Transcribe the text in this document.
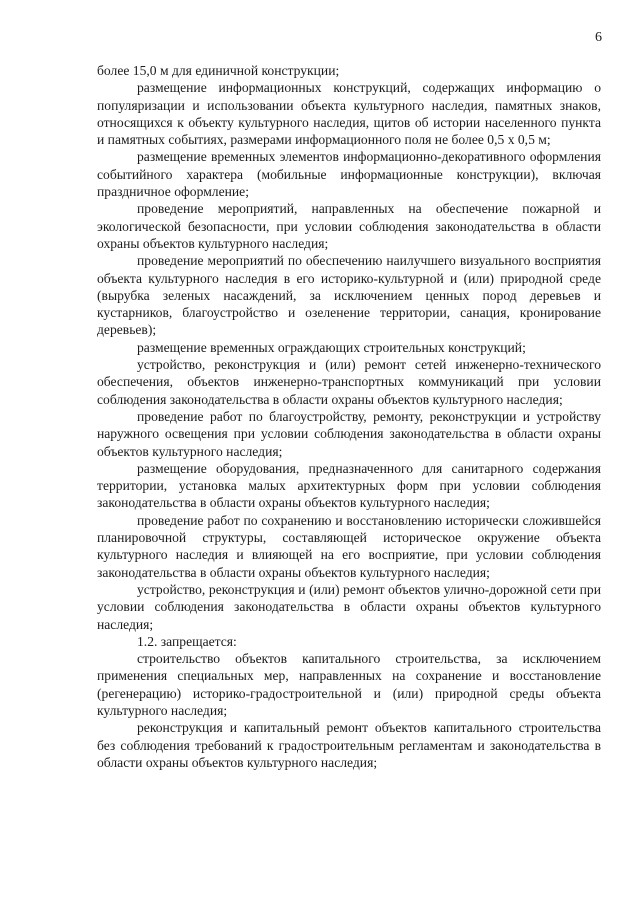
6

более 15,0 м для единичной конструкции;

размещение информационных конструкций, содержащих информацию о популяризации и использовании объекта культурного наследия, памятных знаков, относящихся к объекту культурного наследия, щитов об истории населенного пункта и памятных событиях, размерами информационного поля не более 0,5 х 0,5 м;

размещение временных элементов информационно-декоративного оформления событийного характера (мобильные информационные конструкции), включая праздничное оформление;

проведение мероприятий, направленных на обеспечение пожарной и экологической безопасности, при условии соблюдения законодательства в области охраны объектов культурного наследия;

проведение мероприятий по обеспечению наилучшего визуального восприятия объекта культурного наследия в его историко-культурной и (или) природной среде (вырубка зеленых насаждений, за исключением ценных пород деревьев и кустарников, благоустройство и озеленение территории, санация, кронирование деревьев);

размещение временных ограждающих строительных конструкций;

устройство, реконструкция и (или) ремонт сетей инженерно-технического обеспечения, объектов инженерно-транспортных коммуникаций при условии соблюдения законодательства в области охраны объектов культурного наследия;

проведение работ по благоустройству, ремонту, реконструкции и устройству наружного освещения при условии соблюдения законодательства в области охраны объектов культурного наследия;

размещение оборудования, предназначенного для санитарного содержания территории, установка малых архитектурных форм при условии соблюдения законодательства в области охраны объектов культурного наследия;

проведение работ по сохранению и восстановлению исторически сложившейся планировочной структуры, составляющей историческое окружение объекта культурного наследия и влияющей на его восприятие, при условии соблюдения законодательства в области охраны объектов культурного наследия;

устройство, реконструкция и (или) ремонт объектов улично-дорожной сети при условии соблюдения законодательства в области охраны объектов культурного наследия;

1.2. запрещается:

строительство объектов капитального строительства, за исключением применения специальных мер, направленных на сохранение и восстановление (регенерацию) историко-градостроительной и (или) природной среды объекта культурного наследия;

реконструкция и капитальный ремонт объектов капитального строительства без соблюдения требований к градостроительным регламентам и законодательства в области охраны объектов культурного наследия;
